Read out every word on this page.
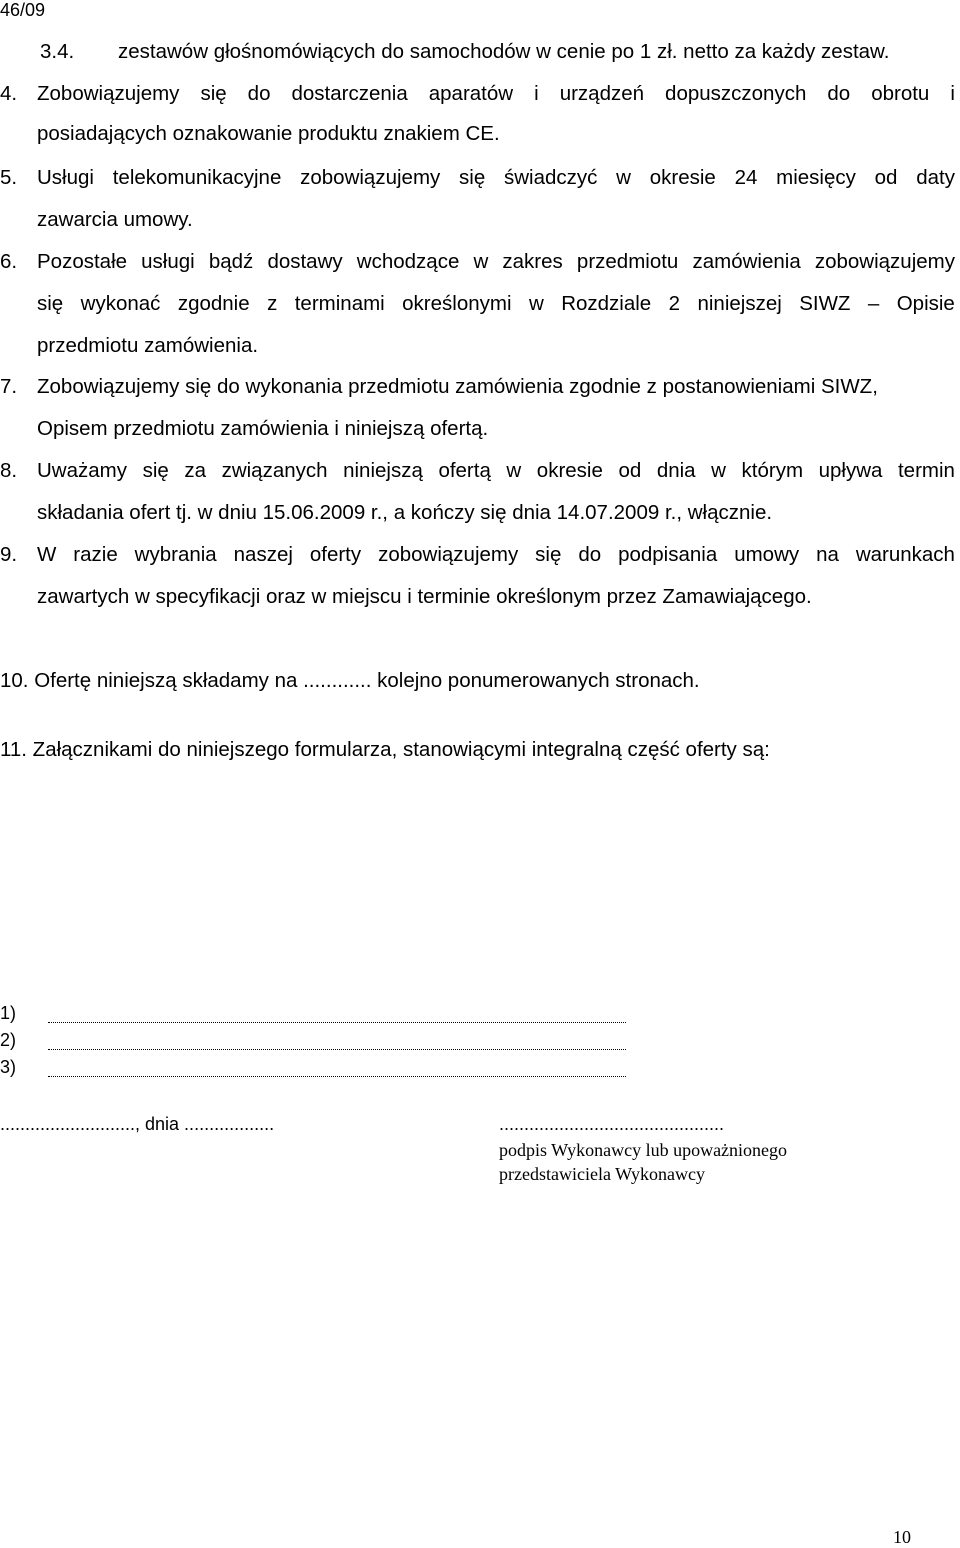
46/09
3.4. zestawów głośnomówiących do samochodów w cenie po 1 zł. netto za każdy zestaw.
4. Zobowiązujemy się do dostarczenia aparatów i urządzeń dopuszczonych do obrotu i
posiadających oznakowanie produktu znakiem CE.
5. Usługi telekomunikacyjne zobowiązujemy się świadczyć w okresie 24 miesięcy od daty
zawarcia umowy.
6. Pozostałe usługi bądź dostawy wchodzące w zakres przedmiotu zamówienia zobowiązujemy
się wykonać zgodnie z terminami określonymi w Rozdziale 2 niniejszej SIWZ – Opisie
przedmiotu zamówienia.
7. Zobowiązujemy się do wykonania przedmiotu zamówienia zgodnie z postanowieniami SIWZ,
Opisem przedmiotu zamówienia i niniejszą ofertą.
8. Uważamy się za związanych niniejszą ofertą w okresie od dnia w którym upływa termin
składania ofert tj. w dniu 15.06.2009 r., a kończy się dnia 14.07.2009 r., włącznie.
9. W razie wybrania naszej oferty zobowiązujemy się do podpisania umowy na warunkach
zawartych w specyfikacji oraz w miejscu i terminie określonym przez Zamawiającego.
10. Ofertę niniejszą składamy na ............ kolejno ponumerowanych stronach.
11. Załącznikami do niniejszego formularza, stanowiącymi integralną część oferty są:
1)
2)
3)
..........................., dnia ..................	.............................................
podpis Wykonawcy lub upoważnionego
przedstawiciela Wykonawcy
10
